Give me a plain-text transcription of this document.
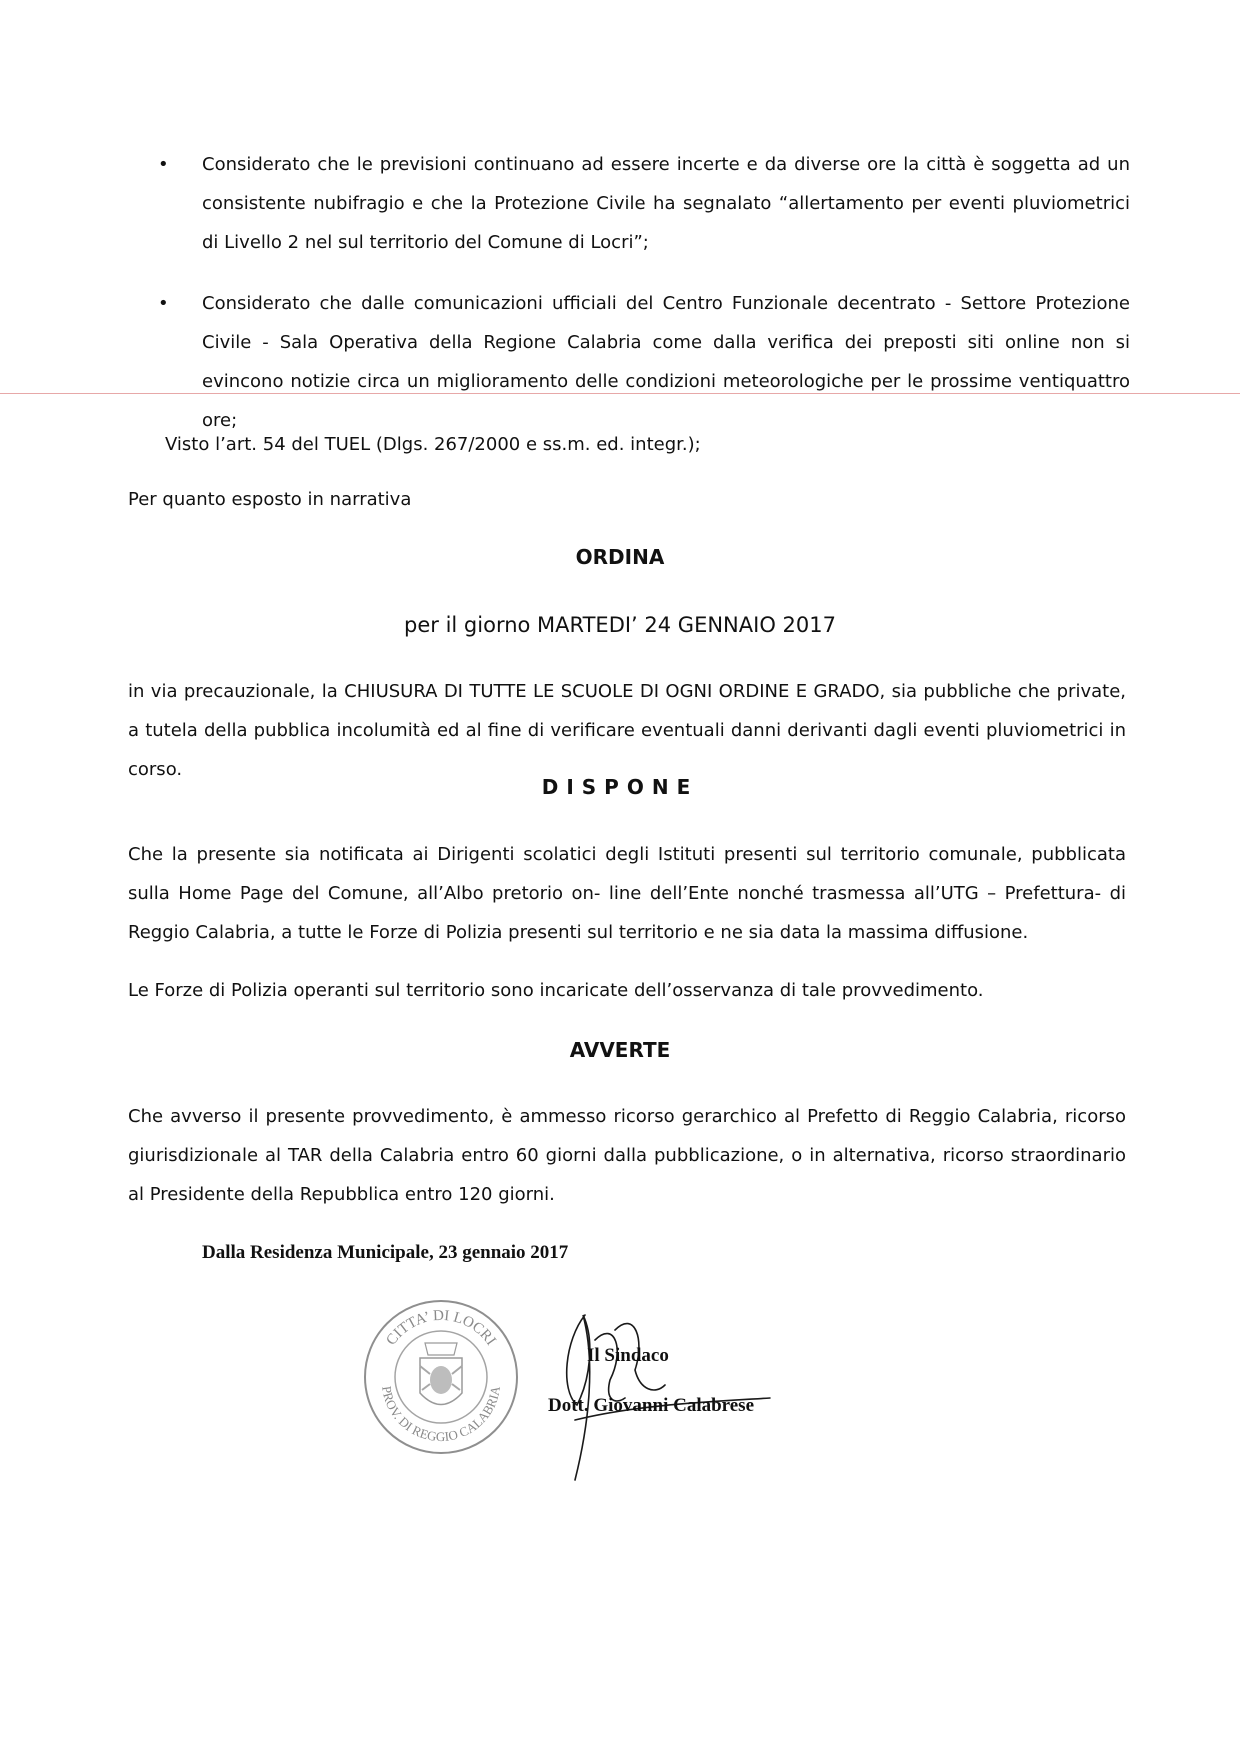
• Considerato che le previsioni continuano ad essere incerte e da diverse ore la città è soggetta ad un consistente nubifragio e che la Protezione Civile ha segnalato “allertamento per eventi pluviometrici di Livello 2 nel sul territorio del Comune di Locri”;
• Considerato che dalle comunicazioni ufficiali del Centro Funzionale decentrato - Settore Protezione Civile - Sala Operativa della Regione Calabria come dalla verifica dei preposti siti online non si evincono notizie circa un miglioramento delle condizioni meteorologiche per le prossime ventiquattro ore;

Visto l’art. 54 del TUEL (Dlgs. 267/2000 e ss.m. ed. integr.);

Per quanto esposto in narrativa

ORDINA

per il giorno MARTEDI’ 24 GENNAIO 2017

in via precauzionale, la CHIUSURA DI TUTTE LE SCUOLE DI OGNI ORDINE E GRADO, sia pubbliche che private, a tutela della pubblica incolumità ed al fine di verificare eventuali danni derivanti dagli eventi pluviometrici in corso.

DISPONE

Che la presente sia notificata ai Dirigenti scolatici degli Istituti presenti sul territorio comunale, pubblicata sulla Home Page del Comune, all’Albo pretorio on- line dell’Ente nonché trasmessa all’UTG – Prefettura- di Reggio Calabria, a tutte le Forze di Polizia presenti sul territorio e ne sia data la massima diffusione.

Le Forze di Polizia operanti sul territorio sono incaricate dell’osservanza di tale provvedimento.

AVVERTE

Che avverso il presente provvedimento, è ammesso ricorso gerarchico al Prefetto di Reggio Calabria, ricorso giurisdizionale al TAR della Calabria entro 60 giorni dalla pubblicazione, o in alternativa, ricorso straordinario al Presidente della Repubblica entro 120 giorni.

Dalla Residenza Municipale, 23 gennaio 2017

CITTA’ DI LOCRI
PROV. DI REGGIO CALABRIA
Il Sindaco
Dott. Giovanni Calabrese
